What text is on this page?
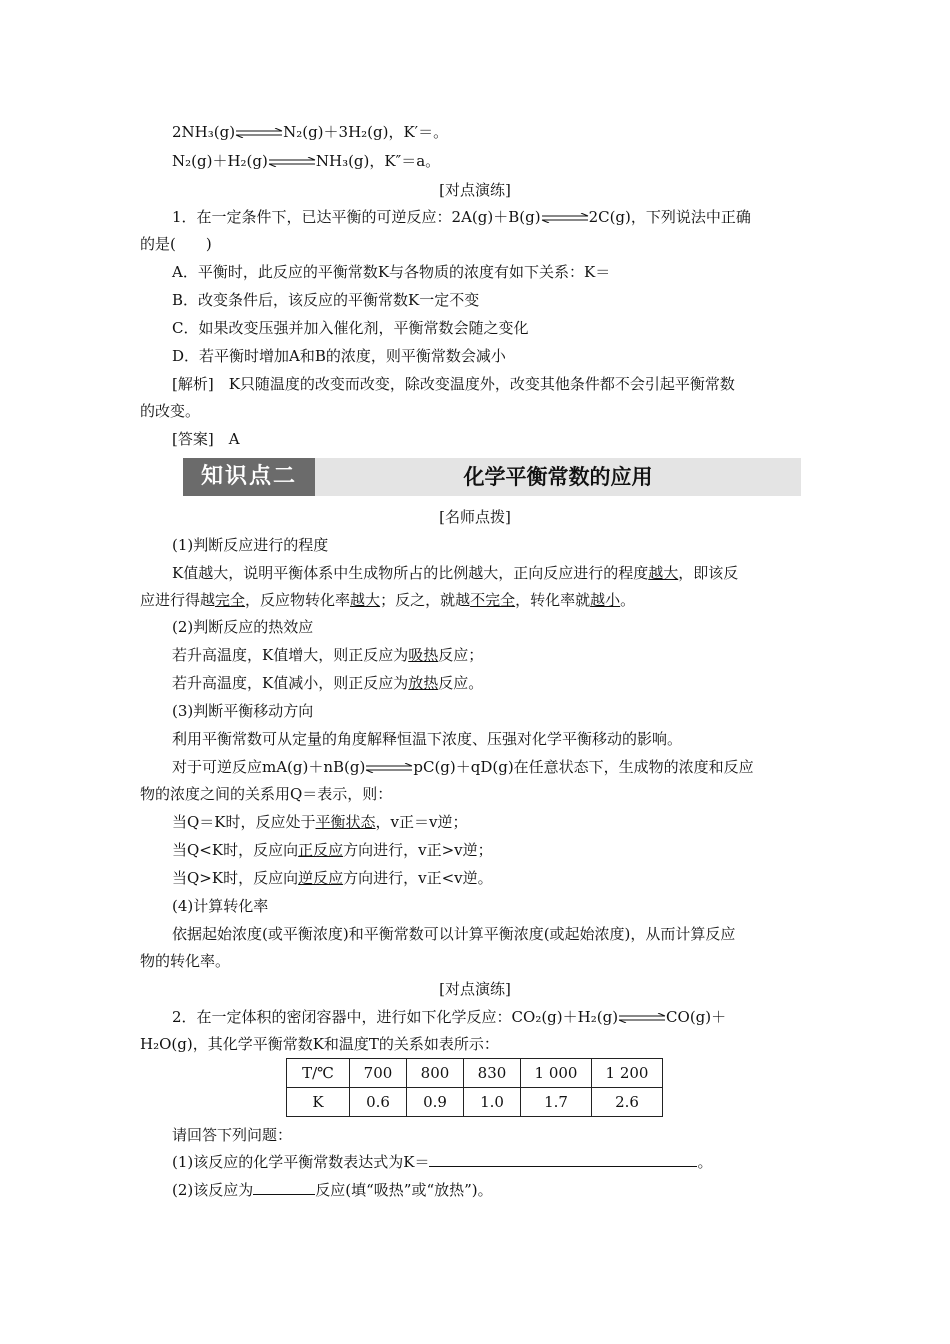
2NH₃(g)⇌N₂(g)＋3H₂(g)，K′＝。
N₂(g)＋H₂(g)⇌NH₃(g)，K″＝a。
[对点演练]
1．在一定条件下，已达平衡的可逆反应：2A(g)＋B(g)⇌2C(g)，下列说法中正确
的是(　　)
A．平衡时，此反应的平衡常数K与各物质的浓度有如下关系：K＝
B．改变条件后，该反应的平衡常数K一定不变
C．如果改变压强并加入催化剂，平衡常数会随之变化
D．若平衡时增加A和B的浓度，则平衡常数会减小
[解析]　K只随温度的改变而改变，除改变温度外，改变其他条件都不会引起平衡常数
的改变。
[答案]　A
知识点二	化学平衡常数的应用
[名师点拨]
(1)判断反应进行的程度
K值越大，说明平衡体系中生成物所占的比例越大，正向反应进行的程度越大，即该反
应进行得越完全，反应物转化率越大；反之，就越不完全，转化率就越小。
(2)判断反应的热效应
若升高温度，K值增大，则正反应为吸热反应；
若升高温度，K值减小，则正反应为放热反应。
(3)判断平衡移动方向
利用平衡常数可从定量的角度解释恒温下浓度、压强对化学平衡移动的影响。
对于可逆反应mA(g)＋nB(g)⇌pC(g)＋qD(g)在任意状态下，生成物的浓度和反应
物的浓度之间的关系用Q＝表示，则：
当Q＝K时，反应处于平衡状态，v正＝v逆；
当Q<K时，反应向正反应方向进行，v正>v逆；
当Q>K时，反应向逆反应方向进行，v正<v逆。
(4)计算转化率
依据起始浓度(或平衡浓度)和平衡常数可以计算平衡浓度(或起始浓度)，从而计算反应
物的转化率。
[对点演练]
2．在一定体积的密闭容器中，进行如下化学反应：CO₂(g)＋H₂(g)⇌CO(g)＋
H₂O(g)，其化学平衡常数K和温度T的关系如表所示：
T/℃	700	800	830	1 000	1 200
K	0.6	0.9	1.0	1.7	2.6
请回答下列问题：
(1)该反应的化学平衡常数表达式为K＝	。
(2)该反应为	反应(填“吸热”或“放热”)。
